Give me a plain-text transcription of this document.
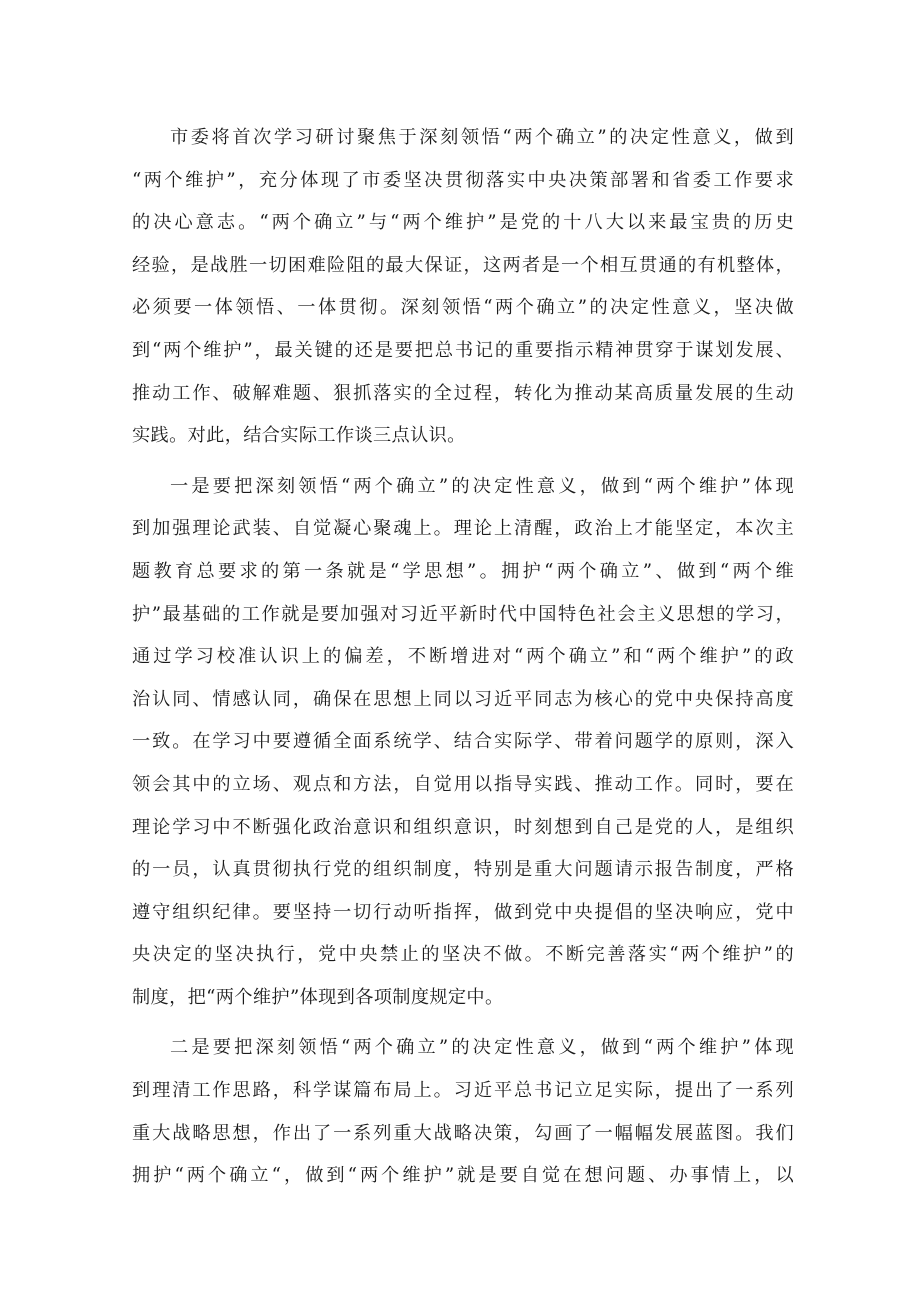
市委将首次学习研讨聚焦于深刻领悟“两个确立”的决定性意义，做到
“两个维护”，充分体现了市委坚决贯彻落实中央决策部署和省委工作要求
的决心意志。“两个确立”与“两个维护”是党的十八大以来最宝贵的历史
经验，是战胜一切困难险阻的最大保证，这两者是一个相互贯通的有机整体，
必须要一体领悟、一体贯彻。深刻领悟“两个确立”的决定性意义，坚决做
到“两个维护”，最关键的还是要把总书记的重要指示精神贯穿于谋划发展、
推动工作、破解难题、狠抓落实的全过程，转化为推动某高质量发展的生动
实践。对此，结合实际工作谈三点认识。
一是要把深刻领悟“两个确立”的决定性意义，做到“两个维护”体现
到加强理论武装、自觉凝心聚魂上。理论上清醒，政治上才能坚定，本次主
题教育总要求的第一条就是“学思想”。拥护“两个确立”、做到“两个维
护”最基础的工作就是要加强对习近平新时代中国特色社会主义思想的学习，
通过学习校准认识上的偏差，不断增进对“两个确立”和“两个维护”的政
治认同、情感认同，确保在思想上同以习近平同志为核心的党中央保持高度
一致。在学习中要遵循全面系统学、结合实际学、带着问题学的原则，深入
领会其中的立场、观点和方法，自觉用以指导实践、推动工作。同时，要在
理论学习中不断强化政治意识和组织意识，时刻想到自己是党的人，是组织
的一员，认真贯彻执行党的组织制度，特别是重大问题请示报告制度，严格
遵守组织纪律。要坚持一切行动听指挥，做到党中央提倡的坚决响应，党中
央决定的坚决执行，党中央禁止的坚决不做。不断完善落实“两个维护”的
制度，把“两个维护”体现到各项制度规定中。
二是要把深刻领悟“两个确立”的决定性意义，做到“两个维护”体现
到理清工作思路，科学谋篇布局上。习近平总书记立足实际，提出了一系列
重大战略思想，作出了一系列重大战略决策，勾画了一幅幅发展蓝图。我们
拥护“两个确立“，做到“两个维护”就是要自觉在想问题、办事情上，以
